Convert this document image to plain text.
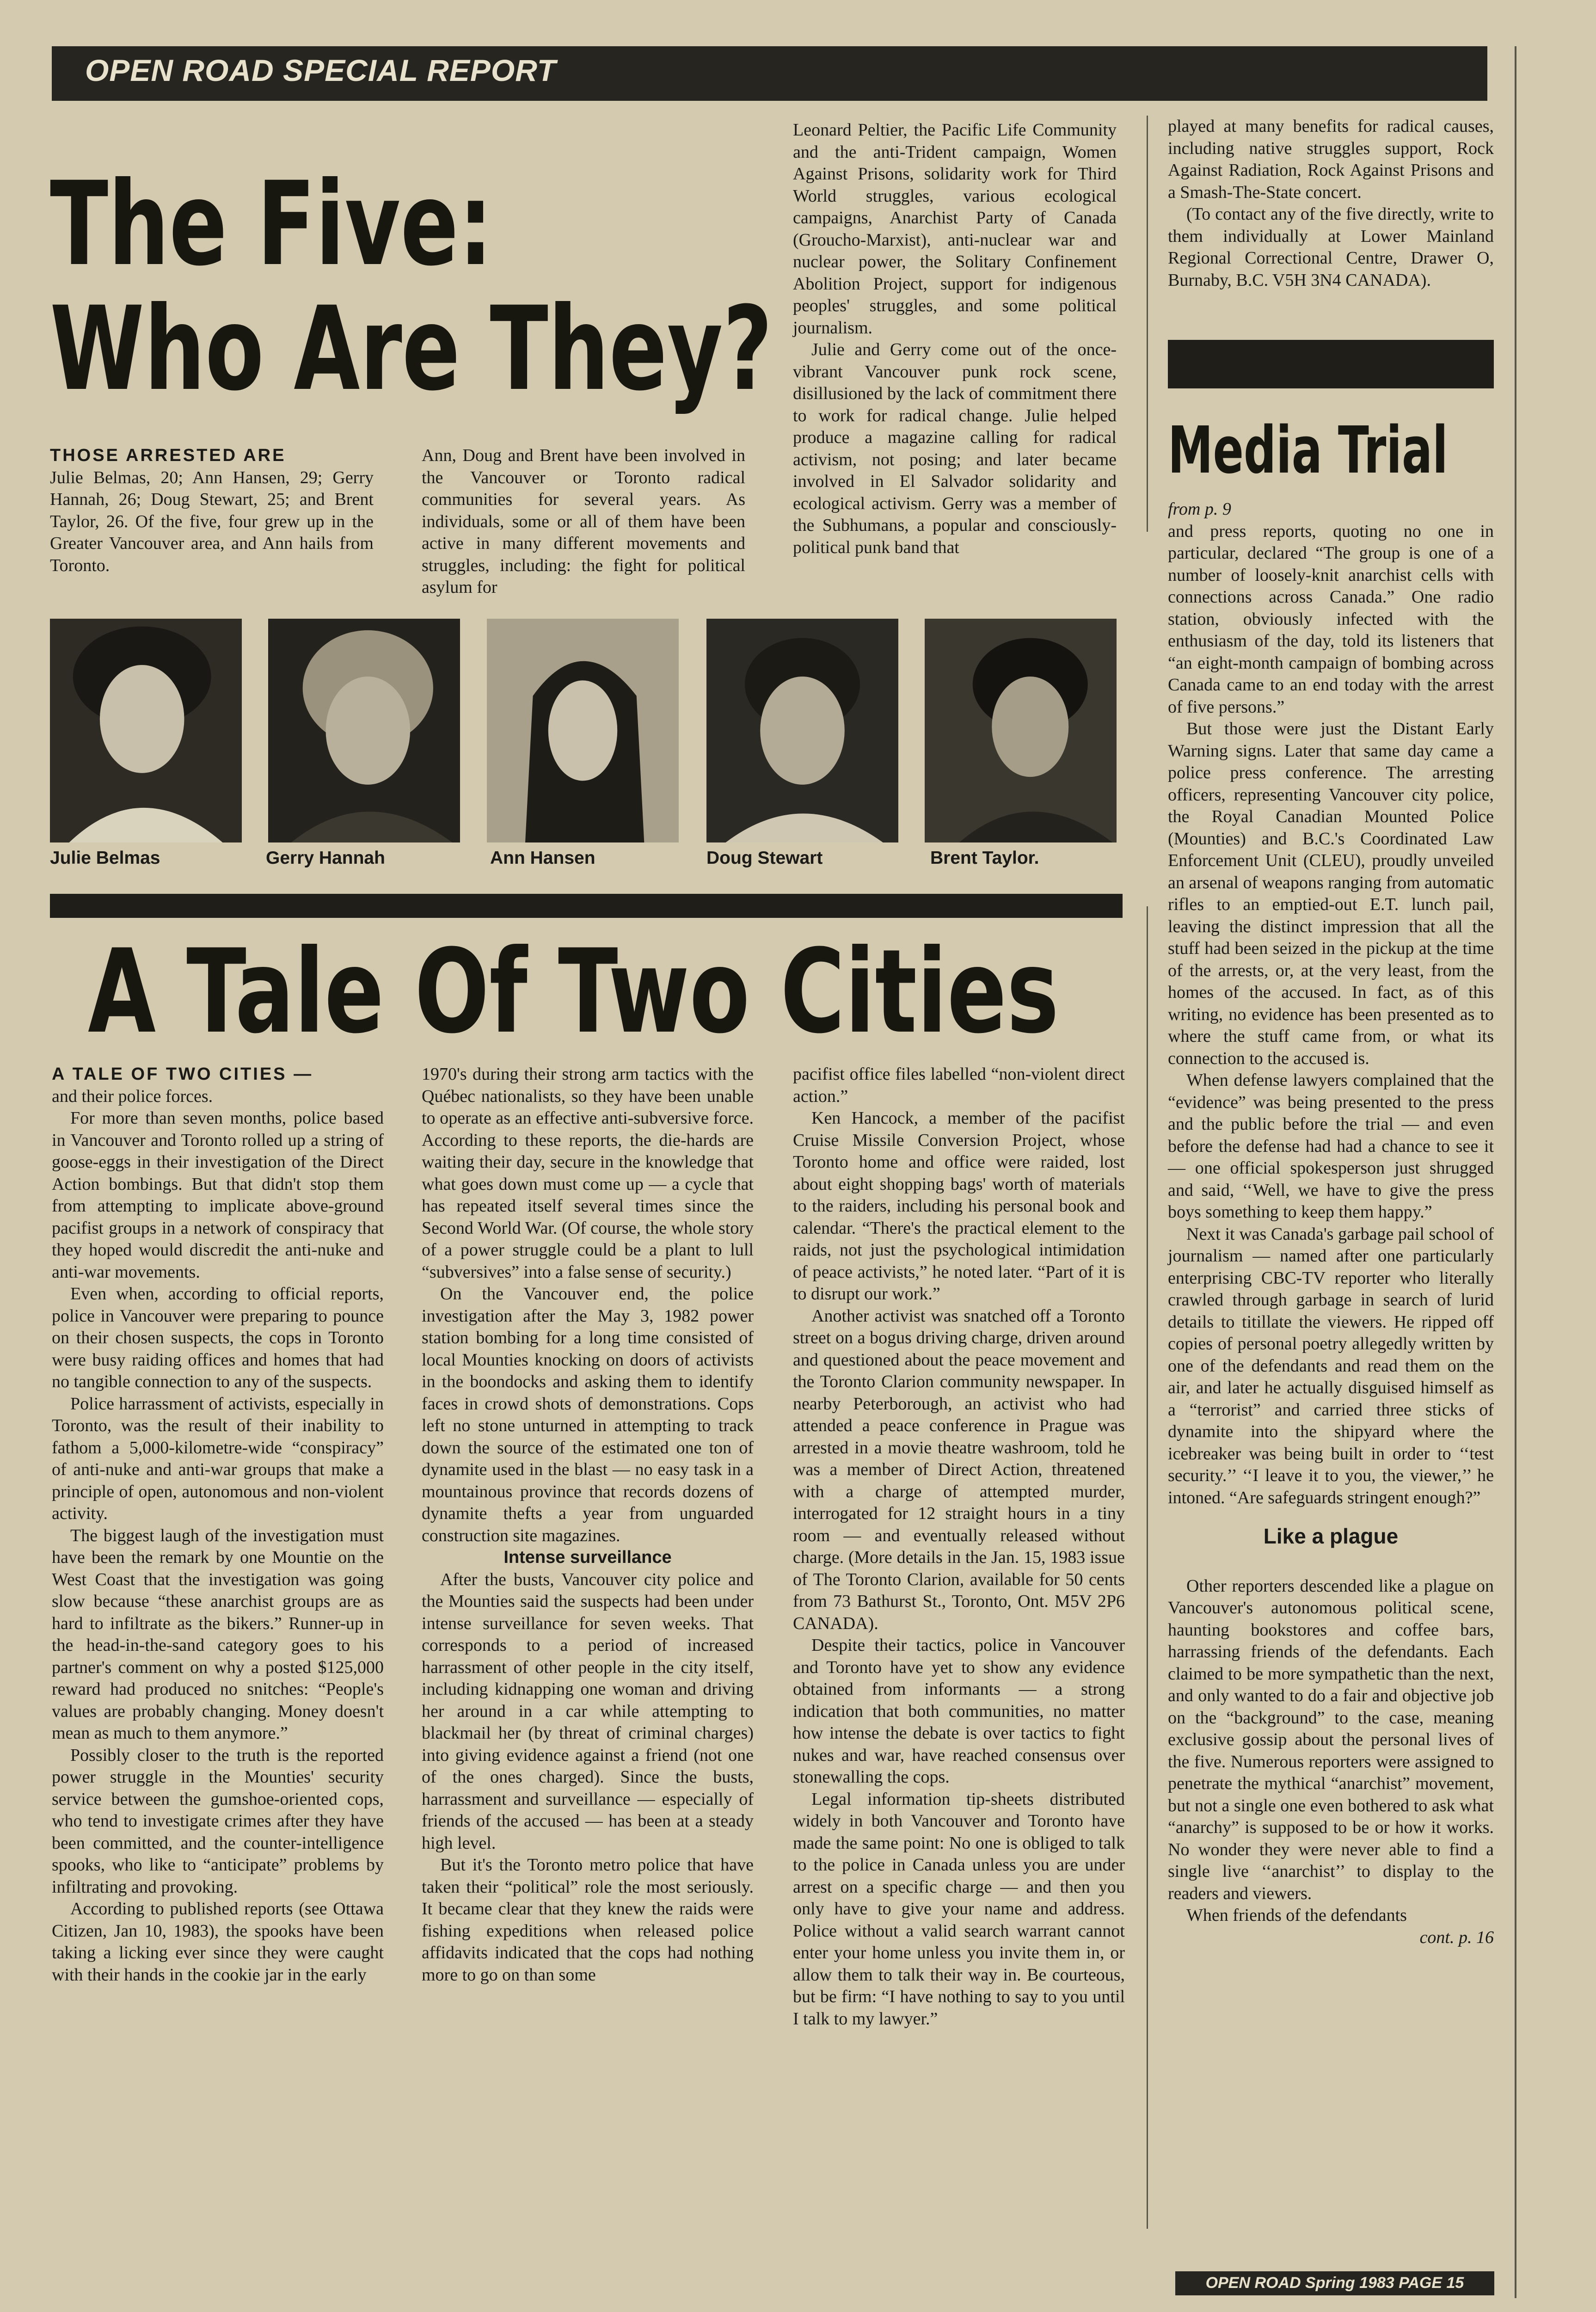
OPEN ROAD SPECIAL REPORT
The Five:
Who Are They?

THOSE ARRESTED ARE

Julie Belmas, 20; Ann Hansen, 29; Gerry Hannah, 26; Doug Stewart, 25; and Brent Taylor, 26. Of the five, four grew up in the Greater Vancouver area, and Ann hails from Toronto.

Ann, Doug and Brent have been involved in the Vancouver or Toronto radical communities for several years. As individuals, some or all of them have been active in many different movements and struggles, including: the fight for political asylum for

Leonard Peltier, the Pacific Life Community and the anti-Trident campaign, Women Against Prisons, solidarity work for Third World struggles, various ecological campaigns, Anarchist Party of Canada (Groucho-Marxist), anti-nuclear war and nuclear power, the Solitary Confinement Abolition Project, support for indigenous peoples' struggles, and some political journalism.

Julie and Gerry come out of the once-vibrant Vancouver punk rock scene, disillusioned by the lack of commitment there to work for radical change. Julie helped produce a magazine calling for radical activism, not posing; and later became involved in El Salvador solidarity and ecological activism. Gerry was a member of the Subhumans, a popular and consciously-political punk band that

Julie Belmas	Gerry Hannah	Ann Hansen	Doug Stewart	Brent Taylor.
A Tale Of Two Cities

A TALE OF TWO CITIES —

and their police forces.

For more than seven months, police based in Vancouver and Toronto rolled up a string of goose-eggs in their investigation of the Direct Action bombings. But that didn't stop them from attempting to implicate above-ground pacifist groups in a network of conspiracy that they hoped would discredit the anti-nuke and anti-war movements.

Even when, according to official reports, police in Vancouver were preparing to pounce on their chosen suspects, the cops in Toronto were busy raiding offices and homes that had no tangible connection to any of the suspects.

Police harrassment of activists, especially in Toronto, was the result of their inability to fathom a 5,000-kilometre-wide “conspiracy” of anti-nuke and anti-war groups that make a principle of open, autonomous and non-violent activity.

The biggest laugh of the investigation must have been the remark by one Mountie on the West Coast that the investigation was going slow because “these anarchist groups are as hard to infiltrate as the bikers.” Runner-up in the head-in-the-sand category goes to his partner's comment on why a posted $125,000 reward had produced no snitches: “People's values are probably changing. Money doesn't mean as much to them anymore.”

Possibly closer to the truth is the reported power struggle in the Mounties' security service between the gumshoe-oriented cops, who tend to investigate crimes after they have been committed, and the counter-intelligence spooks, who like to “anticipate” problems by infiltrating and provoking.

According to published reports (see Ottawa Citizen, Jan 10, 1983), the spooks have been taking a licking ever since they were caught with their hands in the cookie jar in the early

1970's during their strong arm tactics with the Québec nationalists, so they have been unable to operate as an effective anti-subversive force. According to these reports, the die-hards are waiting their day, secure in the knowledge that what goes down must come up — a cycle that has repeated itself several times since the Second World War. (Of course, the whole story of a power struggle could be a plant to lull “subversives” into a false sense of security.)

On the Vancouver end, the police investigation after the May 3, 1982 power station bombing for a long time consisted of local Mounties knocking on doors of activists in the boondocks and asking them to identify faces in crowd shots of demonstrations. Cops left no stone unturned in attempting to track down the source of the estimated one ton of dynamite used in the blast — no easy task in a mountainous province that records dozens of dynamite thefts a year from unguarded construction site magazines.

Intense surveillance

After the busts, Vancouver city police and the Mounties said the suspects had been under intense surveillance for seven weeks. That corresponds to a period of increased harrassment of other people in the city itself, including kidnapping one woman and driving her around in a car while attempting to blackmail her (by threat of criminal charges) into giving evidence against a friend (not one of the ones charged). Since the busts, harrassment and surveillance — especially of friends of the accused — has been at a steady high level.

But it's the Toronto metro police that have taken their “political” role the most seriously. It became clear that they knew the raids were fishing expeditions when released police affidavits indicated that the cops had nothing more to go on than some

pacifist office files labelled “non-violent direct action.”

Ken Hancock, a member of the pacifist Cruise Missile Conversion Project, whose Toronto home and office were raided, lost about eight shopping bags' worth of materials to the raiders, including his personal book and calendar. “There's the practical element to the raids, not just the psychological intimidation of peace activists,” he noted later. “Part of it is to disrupt our work.”

Another activist was snatched off a Toronto street on a bogus driving charge, driven around and questioned about the peace movement and the Toronto Clarion community newspaper. In nearby Peterborough, an activist who had attended a peace conference in Prague was arrested in a movie theatre washroom, told he was a member of Direct Action, threatened with a charge of attempted murder, interrogated for 12 straight hours in a tiny room — and eventually released without charge. (More details in the Jan. 15, 1983 issue of The Toronto Clarion, available for 50 cents from 73 Bathurst St., Toronto, Ont. M5V 2P6 CANADA).

Despite their tactics, police in Vancouver and Toronto have yet to show any evidence obtained from informants — a strong indication that both communities, no matter how intense the debate is over tactics to fight nukes and war, have reached consensus over stonewalling the cops.

Legal information tip-sheets distributed widely in both Vancouver and Toronto have made the same point: No one is obliged to talk to the police in Canada unless you are under arrest on a specific charge — and then you only have to give your name and address. Police without a valid search warrant cannot enter your home unless you invite them in, or allow them to talk their way in. Be courteous, but be firm: “I have nothing to say to you until I talk to my lawyer.”

played at many benefits for radical causes, including native struggles support, Rock Against Radiation, Rock Against Prisons and a Smash-The-State concert.

(To contact any of the five directly, write to them individually at Lower Mainland Regional Correctional Centre, Drawer O, Burnaby, B.C. V5H 3N4 CANADA).

Media Trial

from p. 9

and press reports, quoting no one in particular, declared “The group is one of a number of loosely-knit anarchist cells with connections across Canada.” One radio station, obviously infected with the enthusiasm of the day, told its listeners that “an eight-month campaign of bombing across Canada came to an end today with the arrest of five persons.”

But those were just the Distant Early Warning signs. Later that same day came a police press conference. The arresting officers, representing Vancouver city police, the Royal Canadian Mounted Police (Mounties) and B.C.'s Coordinated Law Enforcement Unit (CLEU), proudly unveiled an arsenal of weapons ranging from automatic rifles to an emptied-out E.T. lunch pail, leaving the distinct impression that all the stuff had been seized in the pickup at the time of the arrests, or, at the very least, from the homes of the accused. In fact, as of this writing, no evidence has been presented as to where the stuff came from, or what its connection to the accused is.

When defense lawyers complained that the “evidence” was being presented to the press and the public before the trial — and even before the defense had had a chance to see it — one official spokesperson just shrugged and said, ‘‘Well, we have to give the press boys something to keep them happy.”

Next it was Canada's garbage pail school of journalism — named after one particularly enterprising CBC-TV reporter who literally crawled through garbage in search of lurid details to titillate the viewers. He ripped off copies of personal poetry allegedly written by one of the defendants and read them on the air, and later he actually disguised himself as a “terrorist” and carried three sticks of dynamite into the shipyard where the icebreaker was being built in order to ‘‘test security.’’ ‘‘I leave it to you, the viewer,’’ he intoned. “Are safeguards stringent enough?”

Like a plague

Other reporters descended like a plague on Vancouver's autonomous political scene, haunting bookstores and coffee bars, harrassing friends of the defendants. Each claimed to be more sympathetic than the next, and only wanted to do a fair and objective job on the “background” to the case, meaning exclusive gossip about the personal lives of the five. Numerous reporters were assigned to penetrate the mythical “anarchist” movement, but not a single one even bothered to ask what “anarchy” is supposed to be or how it works. No wonder they were never able to find a single live ‘‘anarchist’’ to display to the readers and viewers.

When friends of the defendants

cont. p. 16

OPEN ROAD Spring 1983 PAGE 15
